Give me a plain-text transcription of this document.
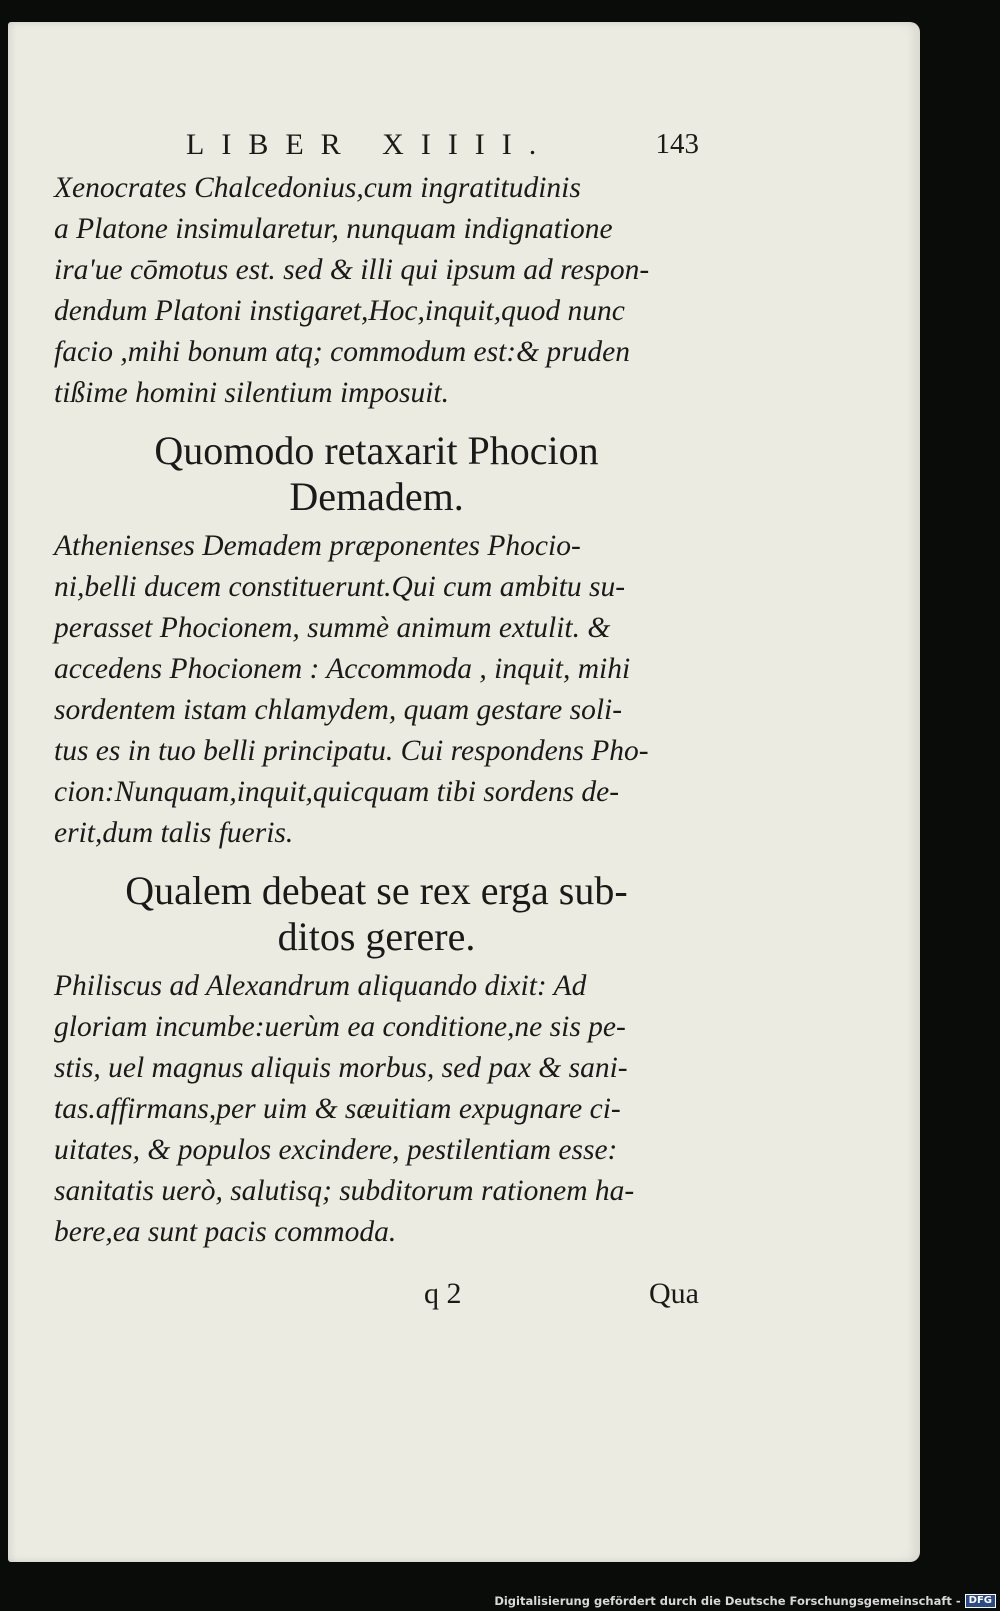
LIBER XIIII.	143
Xenocrates Chalcedonius,cum ingratitudinis
a Platone insimularetur, nunquam indignatione
ira'ue cōmotus est. sed & illi qui ipsum ad respon-
dendum Platoni instigaret,Hoc,inquit,quod nunc
facio ,mihi bonum atq; commodum est:& pruden
tißime homini silentium imposuit.
Quomodo retaxarit Phocion
Demadem.
Athenienses Demadem præponentes Phocio-
ni,belli ducem constituerunt.Qui cum ambitu su-
perasset Phocionem, summè animum extulit. &
accedens Phocionem : Accommoda , inquit, mihi
sordentem istam chlamydem, quam gestare soli-
tus es in tuo belli principatu. Cui respondens Pho-
cion:Nunquam,inquit,quicquam tibi sordens de-
erit,dum talis fueris.
Qualem debeat se rex erga sub-
ditos gerere.
Philiscus ad Alexandrum aliquando dixit: Ad
gloriam incumbe:uerùm ea conditione,ne sis pe-
stis, uel magnus aliquis morbus, sed pax & sani-
tas.affirmans,per uim & sæuitiam expugnare ci-
uitates, & populos excindere, pestilentiam esse:
sanitatis uerò, salutisq; subditorum rationem ha-
bere,ea sunt pacis commoda.
q 2	Qua
Digitalisierung gefördert durch die Deutsche Forschungsgemeinschaft - DFG
